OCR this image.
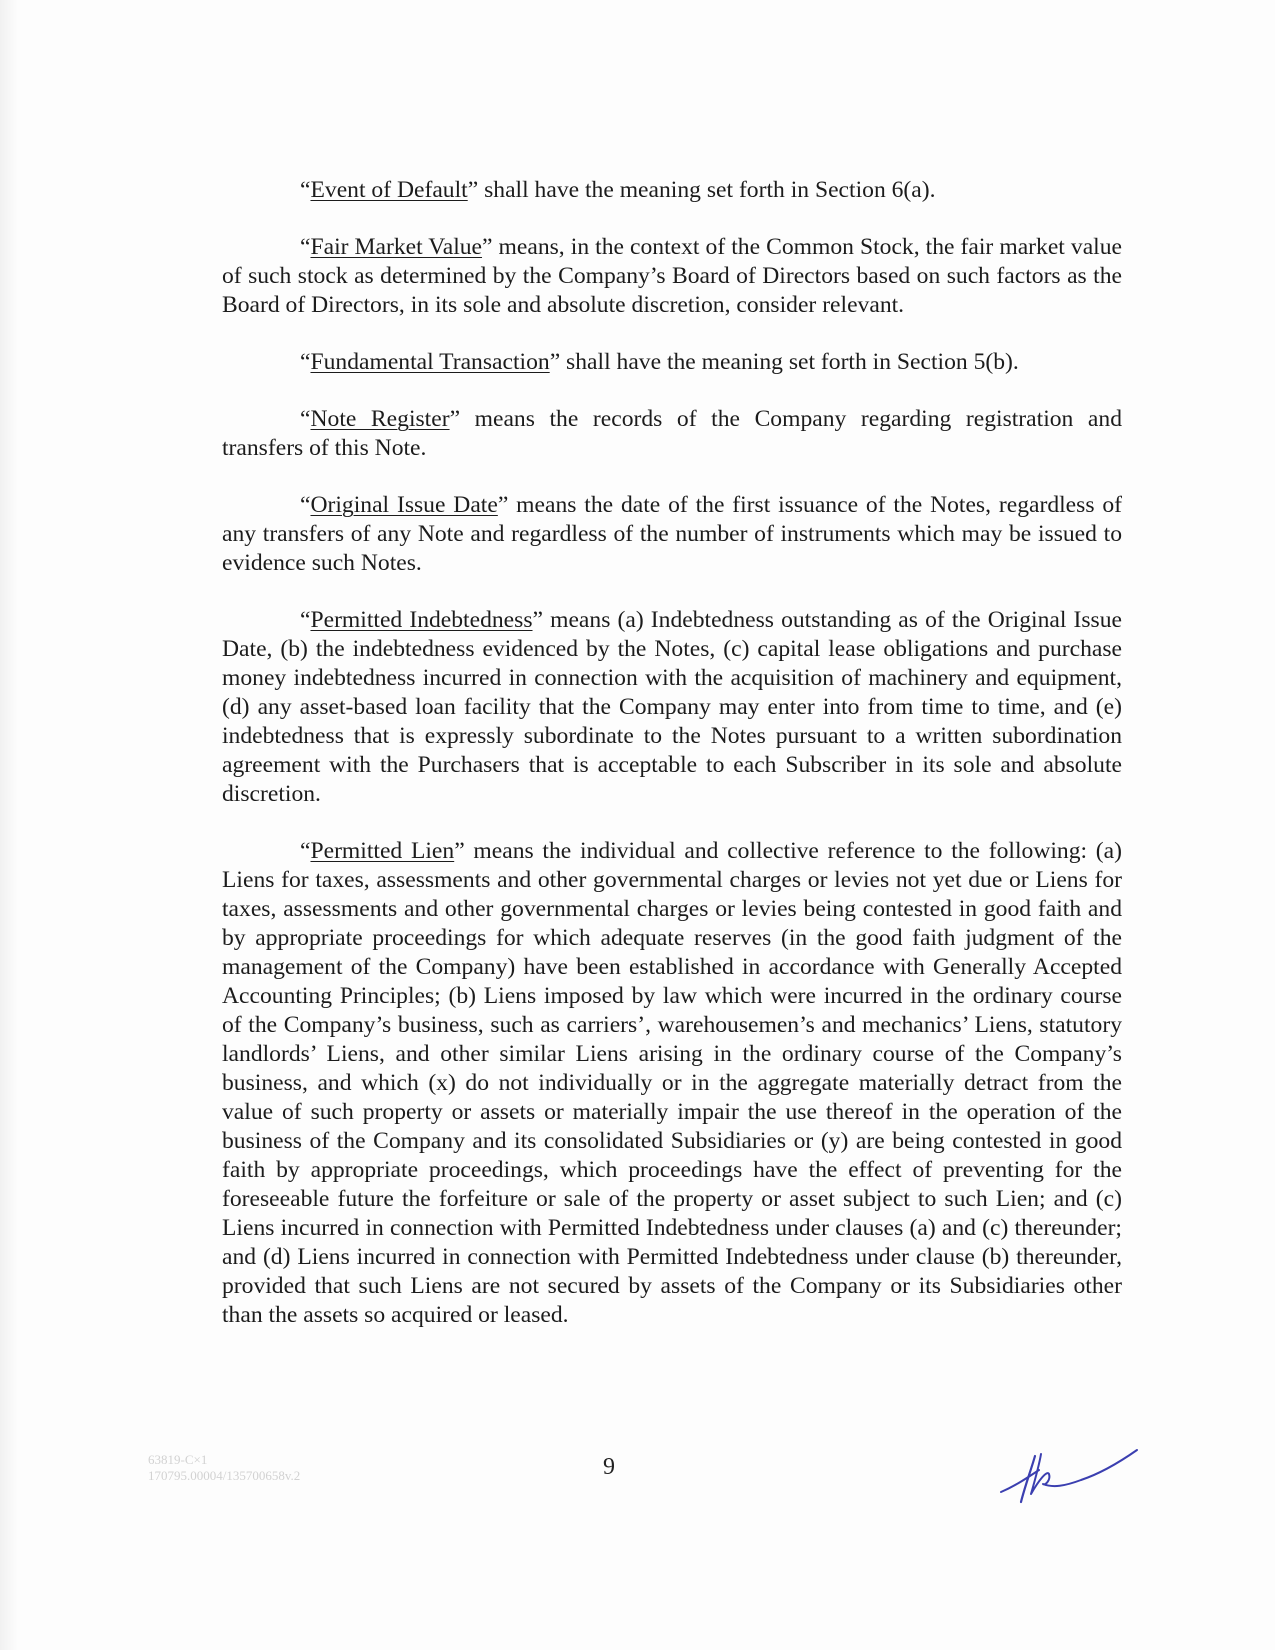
“Event of Default” shall have the meaning set forth in Section 6(a).

“Fair Market Value” means, in the context of the Common Stock, the fair market value of such stock as determined by the Company’s Board of Directors based on such factors as the Board of Directors, in its sole and absolute discretion, consider relevant.

“Fundamental Transaction” shall have the meaning set forth in Section 5(b).

“Note Register” means the records of the Company regarding registration and transfers of this Note.

“Original Issue Date” means the date of the first issuance of the Notes, regardless of any transfers of any Note and regardless of the number of instruments which may be issued to evidence such Notes.

“Permitted Indebtedness” means (a) Indebtedness outstanding as of the Original Issue Date, (b) the indebtedness evidenced by the Notes, (c) capital lease obligations and purchase money indebtedness incurred in connection with the acquisition of machinery and equipment, (d) any asset-based loan facility that the Company may enter into from time to time, and (e) indebtedness that is expressly subordinate to the Notes pursuant to a written subordination agreement with the Purchasers that is acceptable to each Subscriber in its sole and absolute discretion.

“Permitted Lien” means the individual and collective reference to the following: (a) Liens for taxes, assessments and other governmental charges or levies not yet due or Liens for taxes, assessments and other governmental charges or levies being contested in good faith and by appropriate proceedings for which adequate reserves (in the good faith judgment of the management of the Company) have been established in accordance with Generally Accepted Accounting Principles; (b) Liens imposed by law which were incurred in the ordinary course of the Company’s business, such as carriers’, warehousemen’s and mechanics’ Liens, statutory landlords’ Liens, and other similar Liens arising in the ordinary course of the Company’s business, and which (x) do not individually or in the aggregate materially detract from the value of such property or assets or materially impair the use thereof in the operation of the business of the Company and its consolidated Subsidiaries or (y) are being contested in good faith by appropriate proceedings, which proceedings have the effect of preventing for the foreseeable future the forfeiture or sale of the property or asset subject to such Lien; and (c) Liens incurred in connection with Permitted Indebtedness under clauses (a) and (c) thereunder; and (d) Liens incurred in connection with Permitted Indebtedness under clause (b) thereunder, provided that such Liens are not secured by assets of the Company or its Subsidiaries other than the assets so acquired or leased.

63819-C×1
170795.00004/135700658v.2	9
